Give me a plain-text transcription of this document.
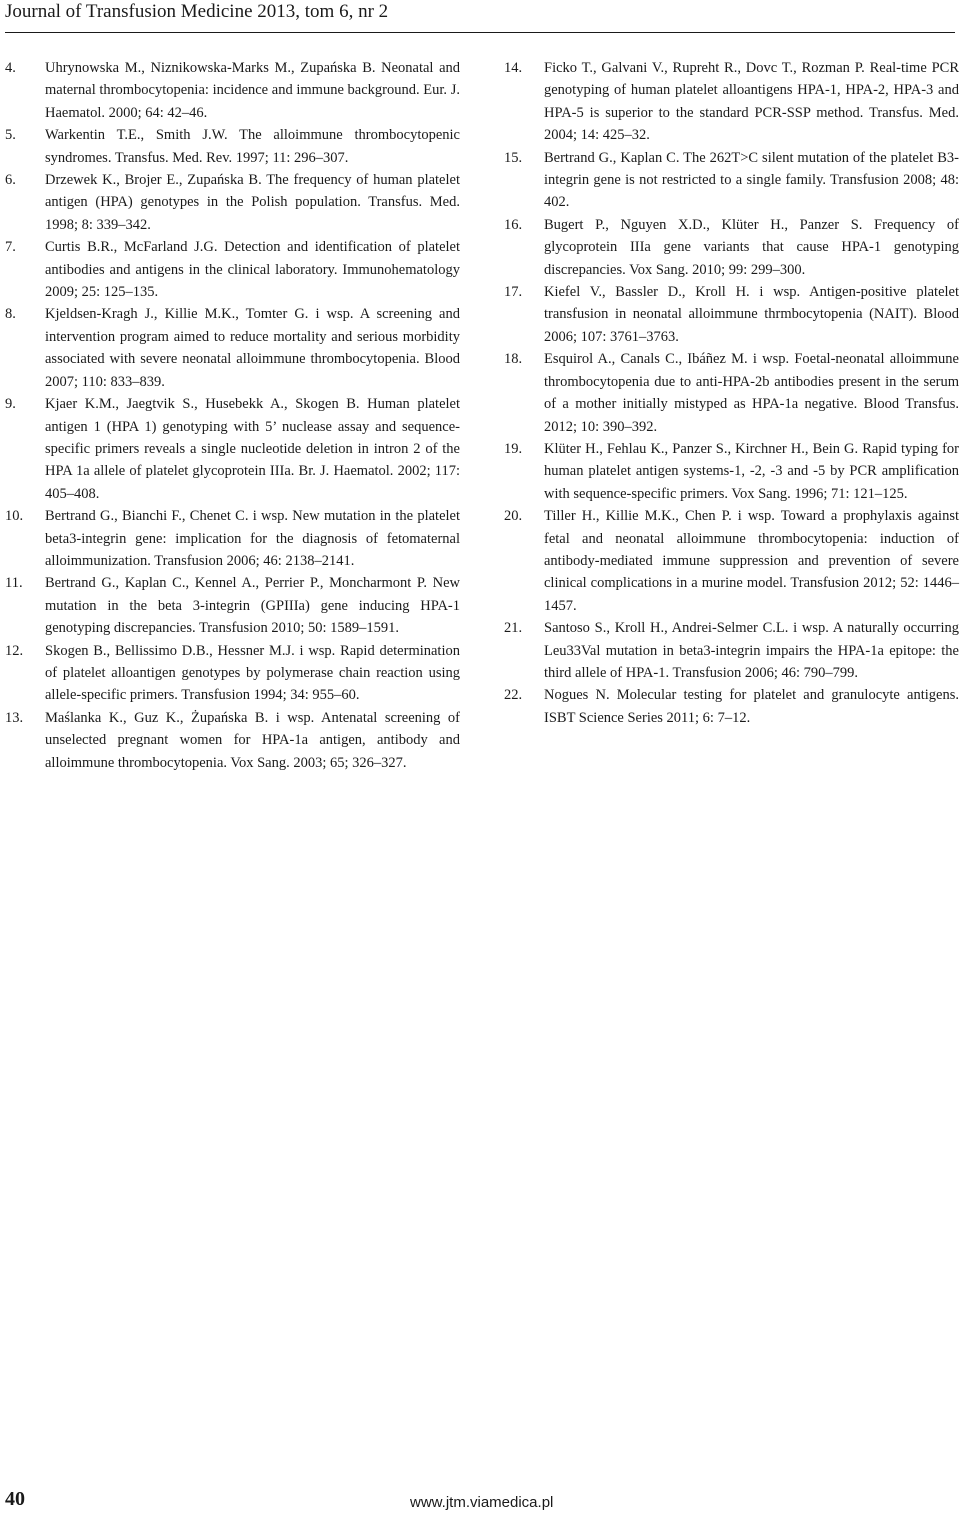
Journal of Transfusion Medicine 2013, tom 6, nr 2
4. Uhrynowska M., Niznikowska-Marks M., Zupańska B. Neonatal and maternal thrombocytopenia: incidence and immune background. Eur. J. Haematol. 2000; 64: 42–46.
5. Warkentin T.E., Smith J.W. The alloimmune thrombocytopenic syndromes. Transfus. Med. Rev. 1997; 11: 296–307.
6. Drzewek K., Brojer E., Zupańska B. The frequency of human platelet antigen (HPA) genotypes in the Polish population. Transfus. Med. 1998; 8: 339–342.
7. Curtis B.R., McFarland J.G. Detection and identification of platelet antibodies and antigens in the clinical laboratory. Immunohematology 2009; 25: 125–135.
8. Kjeldsen-Kragh J., Killie M.K., Tomter G. i wsp. A screening and intervention program aimed to reduce mortality and serious morbidity associated with severe neonatal alloimmune thrombocytopenia. Blood 2007; 110: 833–839.
9. Kjaer K.M., Jaegtvik S., Husebekk A., Skogen B. Human platelet antigen 1 (HPA 1) genotyping with 5’ nuclease assay and sequence-specific primers reveals a single nucleotide deletion in intron 2 of the HPA 1a allele of platelet glycoprotein IIIa. Br. J. Haematol. 2002; 117: 405–408.
10. Bertrand G., Bianchi F., Chenet C. i wsp. New mutation in the platelet beta3-integrin gene: implication for the diagnosis of fetomaternal alloimmunization. Transfusion 2006; 46: 2138–2141.
11. Bertrand G., Kaplan C., Kennel A., Perrier P., Moncharmont P. New mutation in the beta 3-integrin (GPIIIa) gene inducing HPA-1 genotyping discrepancies. Transfusion 2010; 50: 1589–1591.
12. Skogen B., Bellissimo D.B., Hessner M.J. i wsp. Rapid determination of platelet alloantigen genotypes by polymerase chain reaction using allele-specific primers. Transfusion 1994; 34: 955–60.
13. Maślanka K., Guz K., Żupańska B. i wsp. Antenatal screening of unselected pregnant women for HPA-1a antigen, antibody and alloimmune thrombocytopenia. Vox Sang. 2003; 65; 326–327.
14. Ficko T., Galvani V., Rupreht R., Dovc T., Rozman P. Real-time PCR genotyping of human platelet alloantigens HPA-1, HPA-2, HPA-3 and HPA-5 is superior to the standard PCR-SSP method. Transfus. Med. 2004; 14: 425–32.
15. Bertrand G., Kaplan C. The 262T>C silent mutation of the platelet B3-integrin gene is not restricted to a single family. Transfusion 2008; 48: 402.
16. Bugert P., Nguyen X.D., Klüter H., Panzer S. Frequency of glycoprotein IIIa gene variants that cause HPA-1 genotyping discrepancies. Vox Sang. 2010; 99: 299–300.
17. Kiefel V., Bassler D., Kroll H. i wsp. Antigen-positive platelet transfusion in neonatal alloimmune thrmbocytopenia (NAIT). Blood 2006; 107: 3761–3763.
18. Esquirol A., Canals C., Ibáñez M. i wsp. Foetal-neonatal alloimmune thrombocytopenia due to anti-HPA-2b antibodies present in the serum of a mother initially mistyped as HPA-1a negative. Blood Transfus. 2012; 10: 390–392.
19. Klüter H., Fehlau K., Panzer S., Kirchner H., Bein G. Rapid typing for human platelet antigen systems-1, -2, -3 and -5 by PCR amplification with sequence-specific primers. Vox Sang. 1996; 71: 121–125.
20. Tiller H., Killie M.K., Chen P. i wsp. Toward a prophylaxis against fetal and neonatal alloimmune thrombocytopenia: induction of antibody-mediated immune suppression and prevention of severe clinical complications in a murine model. Transfusion 2012; 52: 1446–1457.
21. Santoso S., Kroll H., Andrei-Selmer C.L. i wsp. A naturally occurring Leu33Val mutation in beta3-integrin impairs the HPA-1a epitope: the third allele of HPA-1. Transfusion 2006; 46: 790–799.
22. Nogues N. Molecular testing for platelet and granulocyte antigens. ISBT Science Series 2011; 6: 7–12.
40	www.jtm.viamedica.pl
